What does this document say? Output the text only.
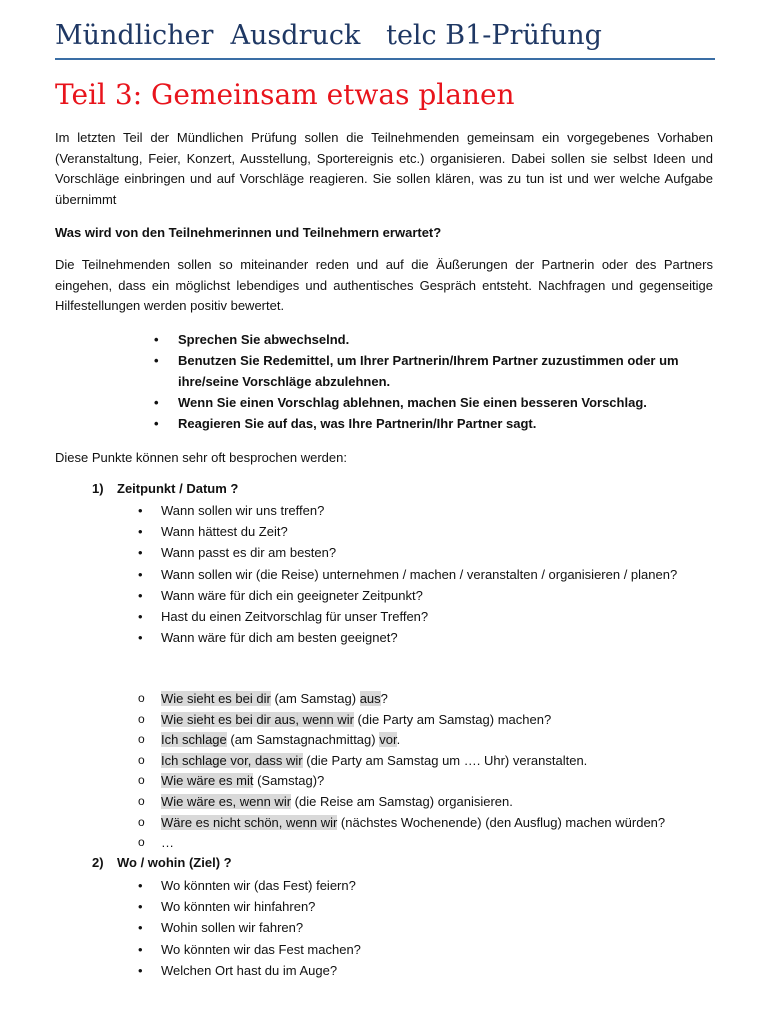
Mündlicher  Ausdruck   telc B1-Prüfung
Teil 3: Gemeinsam etwas planen
Im letzten Teil der Mündlichen Prüfung sollen die Teilnehmenden gemeinsam ein vorgegebenes Vorhaben (Veranstaltung, Feier, Konzert, Ausstellung, Sportereignis etc.) organisieren. Dabei sollen sie selbst Ideen und Vorschläge einbringen und auf Vorschläge reagieren. Sie sollen klären, was zu tun ist und wer welche Aufgabe übernimmt
Was wird von den Teilnehmerinnen und Teilnehmern erwartet?
Die Teilnehmenden sollen so miteinander reden und auf die Äußerungen der Partnerin oder des Partners eingehen, dass ein möglichst lebendiges und authentisches Gespräch entsteht. Nachfragen und gegenseitige Hilfestellungen werden positiv bewertet.
• Sprechen Sie abwechselnd.
• Benutzen Sie Redemittel, um Ihrer Partnerin/Ihrem Partner zuzustimmen oder um ihre/seine Vorschläge abzulehnen.
• Wenn Sie einen Vorschlag ablehnen, machen Sie einen besseren Vorschlag.
• Reagieren Sie auf das, was Ihre Partnerin/Ihr Partner sagt.
Diese Punkte können sehr oft besprochen werden:
1) Zeitpunkt / Datum ?
• Wann sollen wir uns treffen?
• Wann hättest du Zeit?
• Wann passt es dir am besten?
• Wann sollen wir (die Reise) unternehmen / machen / veranstalten / organisieren / planen?
• Wann wäre für dich ein geeigneter Zeitpunkt?
• Hast du einen Zeitvorschlag für unser Treffen?
• Wann wäre für dich am besten geeignet?
o Wie sieht es bei dir (am Samstag) aus?
o Wie sieht es bei dir aus, wenn wir (die Party am Samstag) machen?
o Ich schlage (am Samstagnachmittag) vor.
o Ich schlage vor, dass wir (die Party am Samstag um …. Uhr) veranstalten.
o Wie wäre es mit (Samstag)?
o Wie wäre es, wenn wir (die Reise am Samstag) organisieren.
o Wäre es nicht schön, wenn wir (nächstes Wochenende) (den Ausflug) machen würden?
o …
2) Wo / wohin (Ziel) ?
• Wo könnten wir (das Fest) feiern?
• Wo könnten wir hinfahren?
• Wohin sollen wir fahren?
• Wo könnten wir das Fest machen?
• Welchen Ort hast du im Auge?
